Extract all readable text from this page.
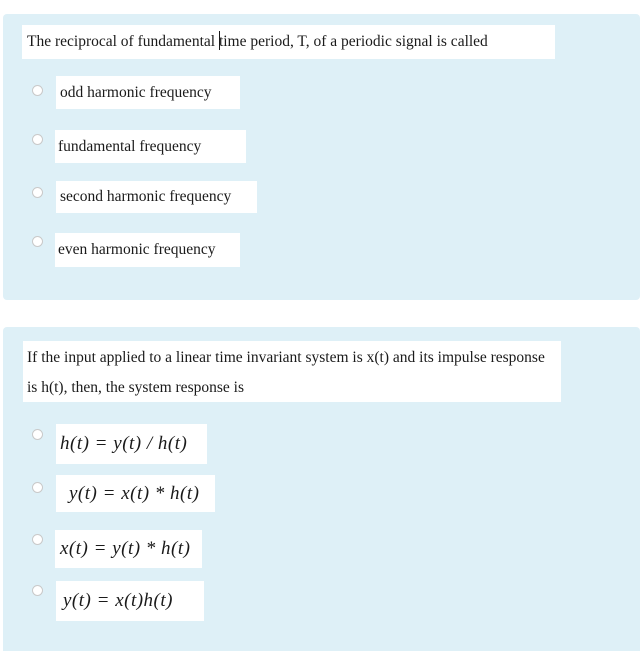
The reciprocal of fundamental time period, T, of a periodic signal is called
odd harmonic frequency
fundamental frequency
second harmonic frequency
even harmonic frequency
If the input applied to a linear time invariant system is x(t) and its impulse response is h(t), then, the system response is
h(t) = y(t) / h(t)
y(t) = x(t) * h(t)
x(t) = y(t) * h(t)
y(t) = x(t)h(t)
